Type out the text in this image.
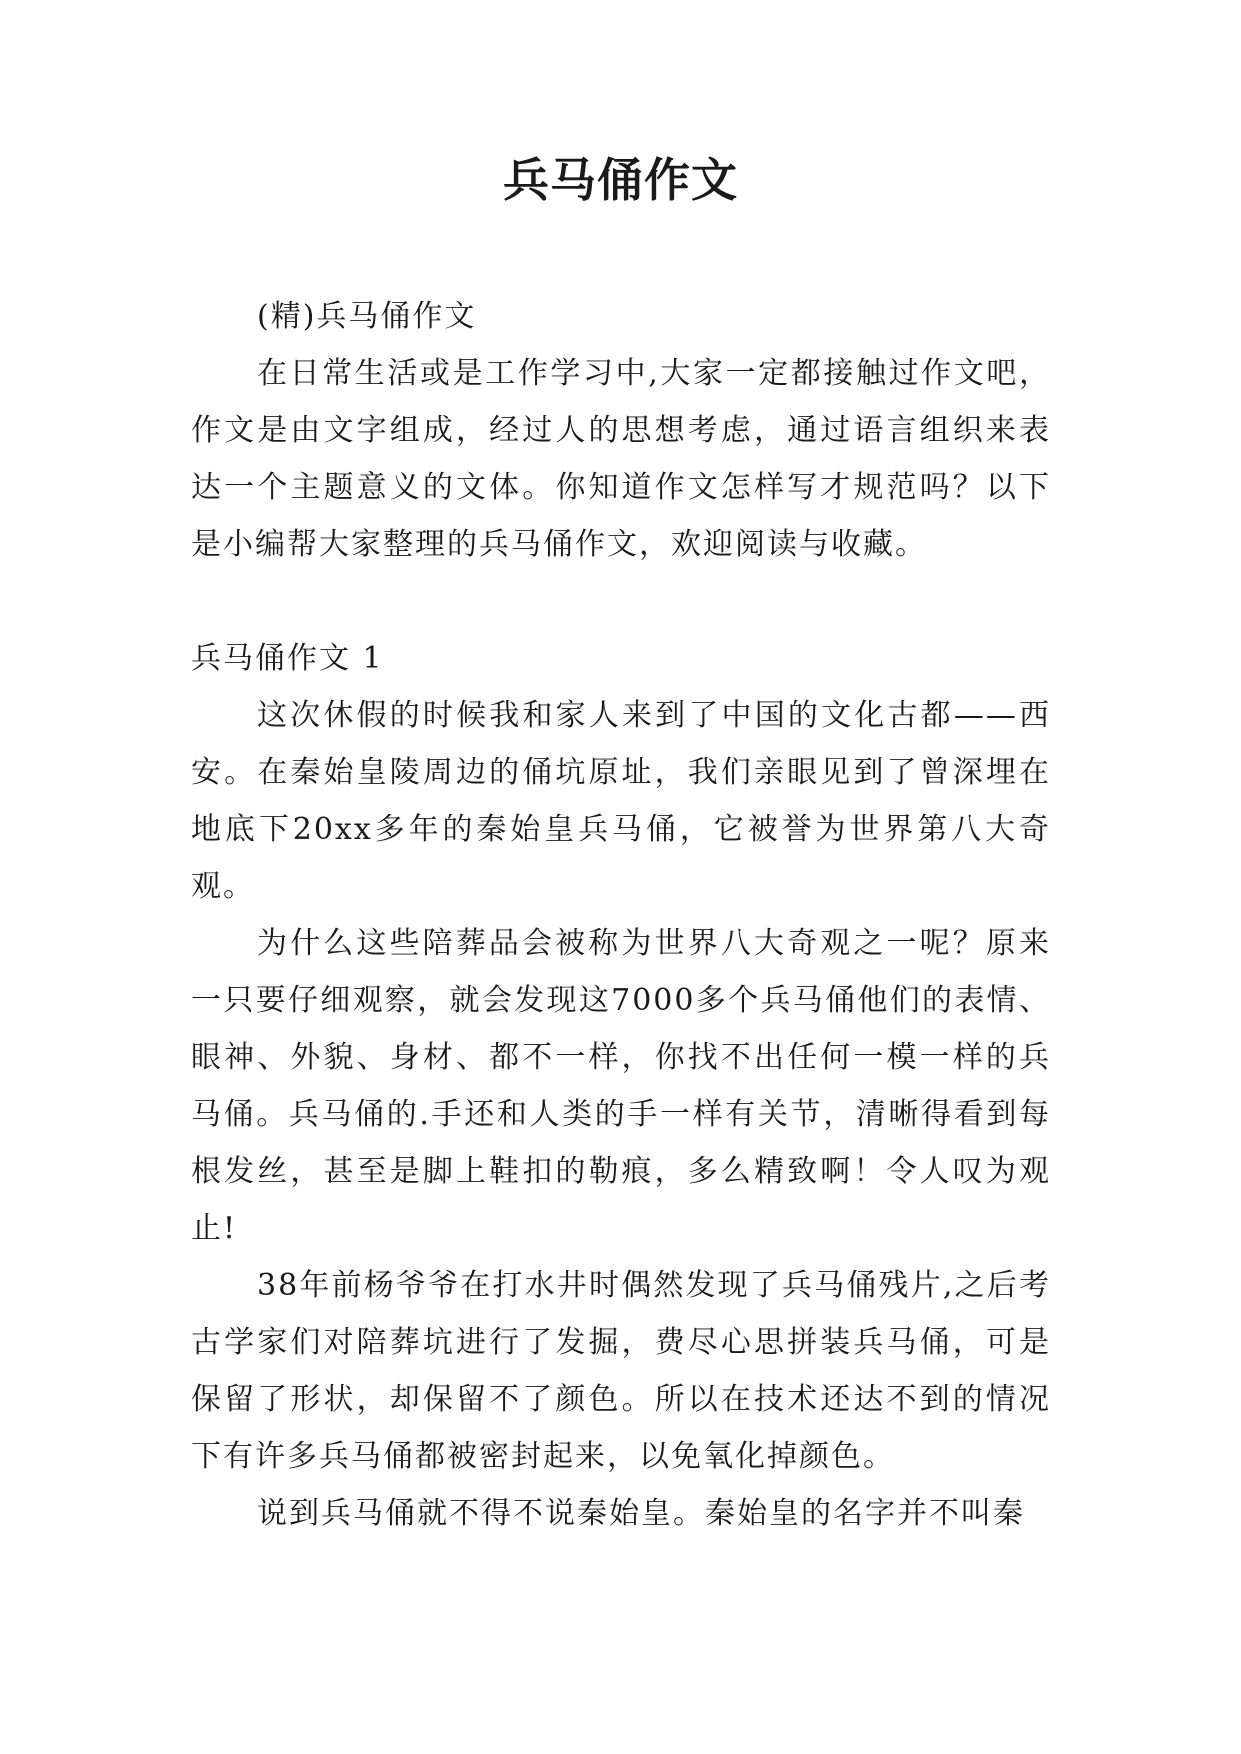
兵马俑作文

(精)兵马俑作文

在日常生活或是工作学习中,大家一定都接触过作文吧，作文是由文字组成，经过人的思想考虑，通过语言组织来表达一个主题意义的文体。你知道作文怎样写才规范吗？以下是小编帮大家整理的兵马俑作文，欢迎阅读与收藏。

兵马俑作文 1

这次休假的时候我和家人来到了中国的文化古都——西安。在秦始皇陵周边的俑坑原址，我们亲眼见到了曾深埋在地底下20xx多年的秦始皇兵马俑，它被誉为世界第八大奇观。

为什么这些陪葬品会被称为世界八大奇观之一呢？原来一只要仔细观察，就会发现这7000多个兵马俑他们的表情、眼神、外貌、身材、都不一样，你找不出任何一模一样的兵马俑。兵马俑的.手还和人类的手一样有关节，清晰得看到每根发丝，甚至是脚上鞋扣的勒痕，多么精致啊！令人叹为观止!

38年前杨爷爷在打水井时偶然发现了兵马俑残片,之后考古学家们对陪葬坑进行了发掘，费尽心思拼装兵马俑，可是保留了形状，却保留不了颜色。所以在技术还达不到的情况下有许多兵马俑都被密封起来，以免氧化掉颜色。

说到兵马俑就不得不说秦始皇。秦始皇的名字并不叫秦
